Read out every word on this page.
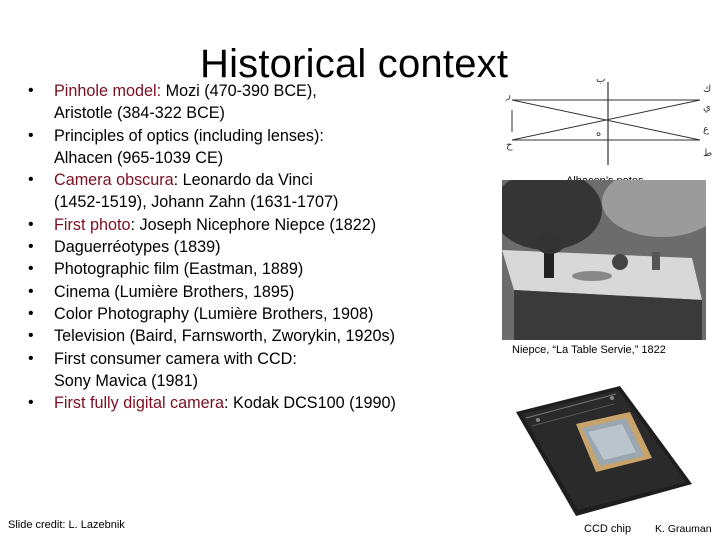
Historical context
• Pinhole model: Mozi (470-390 BCE),
Aristotle (384-322 BCE)
• Principles of optics (including lenses):
Alhacen (965-1039 CE)
• Camera obscura: Leonardo da Vinci
(1452-1519), Johann Zahn (1631-1707)
• First photo: Joseph Nicephore Niepce (1822)
• Daguerréotypes (1839)
• Photographic film (Eastman, 1889)
• Cinema (Lumière Brothers, 1895)
• Color Photography (Lumière Brothers, 1908)
• Television (Baird, Farnsworth, Zworykin, 1920s)
• First consumer camera with CCD:
Sony Mavica (1981)
• First fully digital camera: Kodak DCS100 (1990)
Slide credit: L. Lazebnik
ر
ح
ب
ه
ك
ي
ع
ط
Niepce, “La Table Servie,” 1822
CCD chip K. Grauman
